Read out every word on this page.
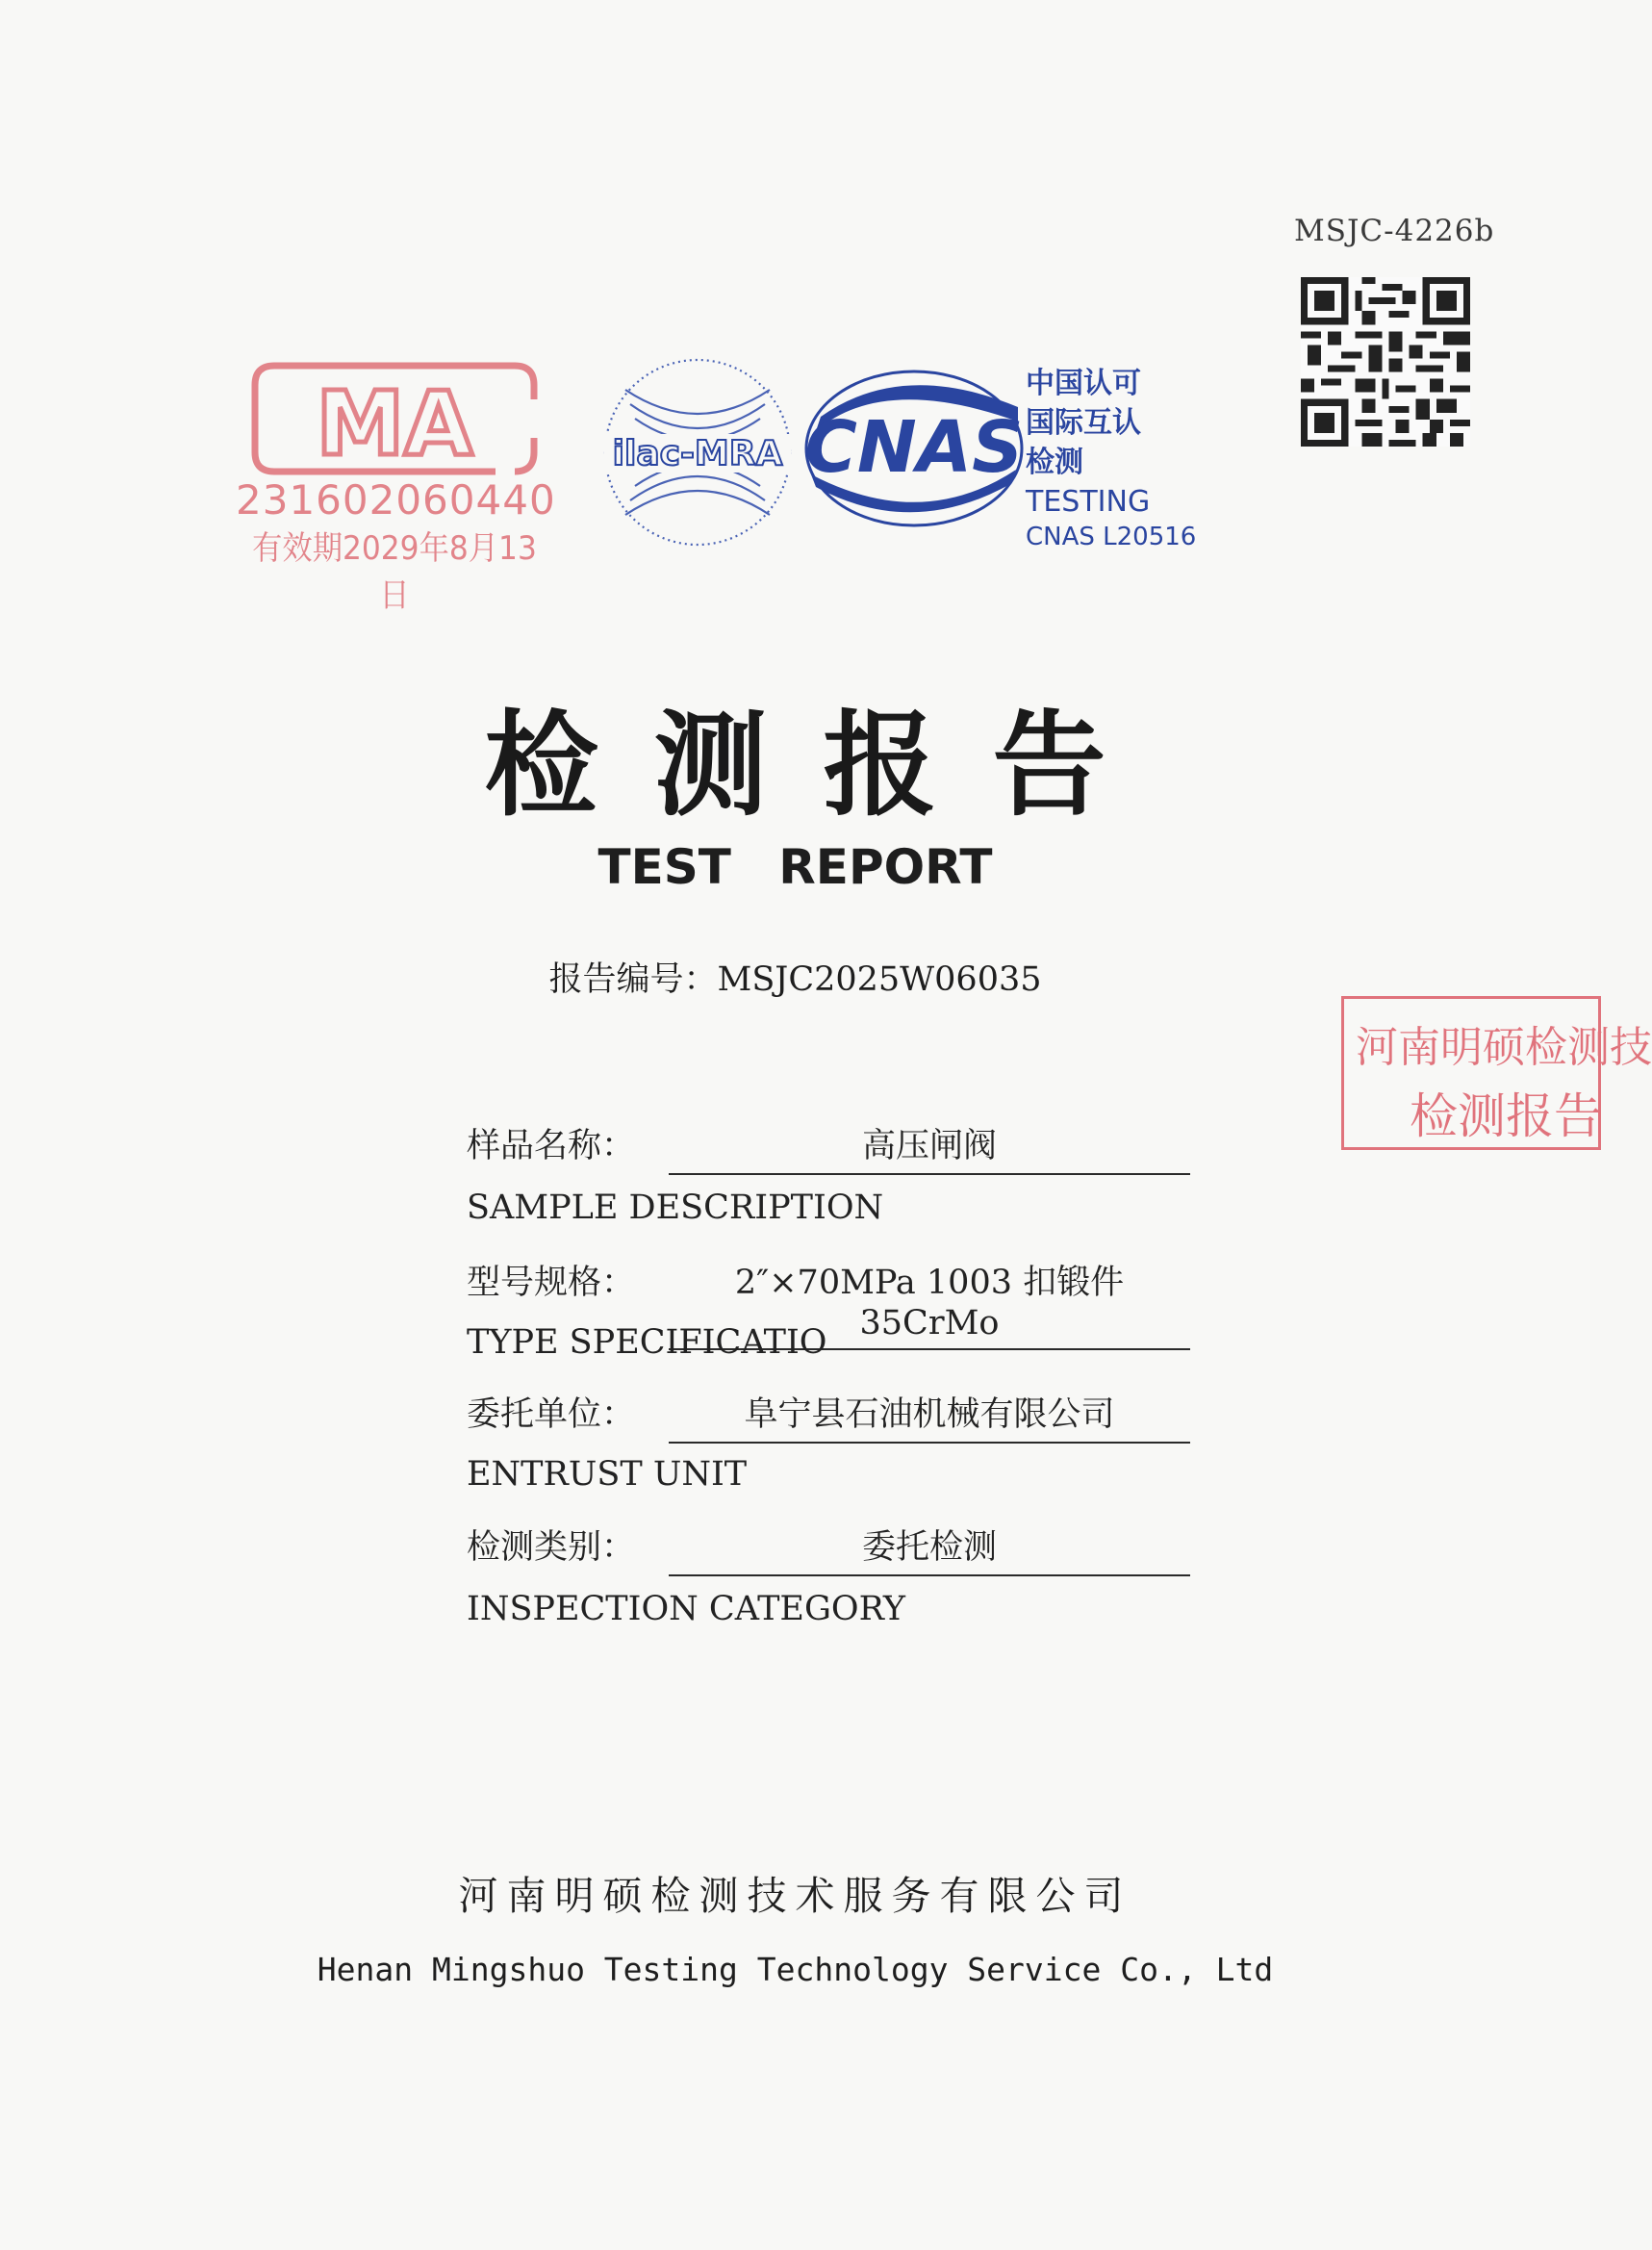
MSJC-4226b
MA
231602060440
有效期2029年8月13日
ilac-MRA CNAS
中国认可
国际互认
检测
TESTING
CNAS L20516
检测报告
TEST REPORT
报告编号：MSJC2025W06035
样品名称：	高压闸阀
SAMPLE DESCRIPTION
型号规格：	2″×70MPa 1003 扣锻件 35CrMo
TYPE SPECIFICATIO
委托单位：	阜宁县石油机械有限公司
ENTRUST UNIT
检测类别：	委托检测
INSPECTION CATEGORY
河南明硕检测技
检测报告
河南明硕检测技术服务有限公司
Henan Mingshuo Testing Technology Service Co., Ltd
